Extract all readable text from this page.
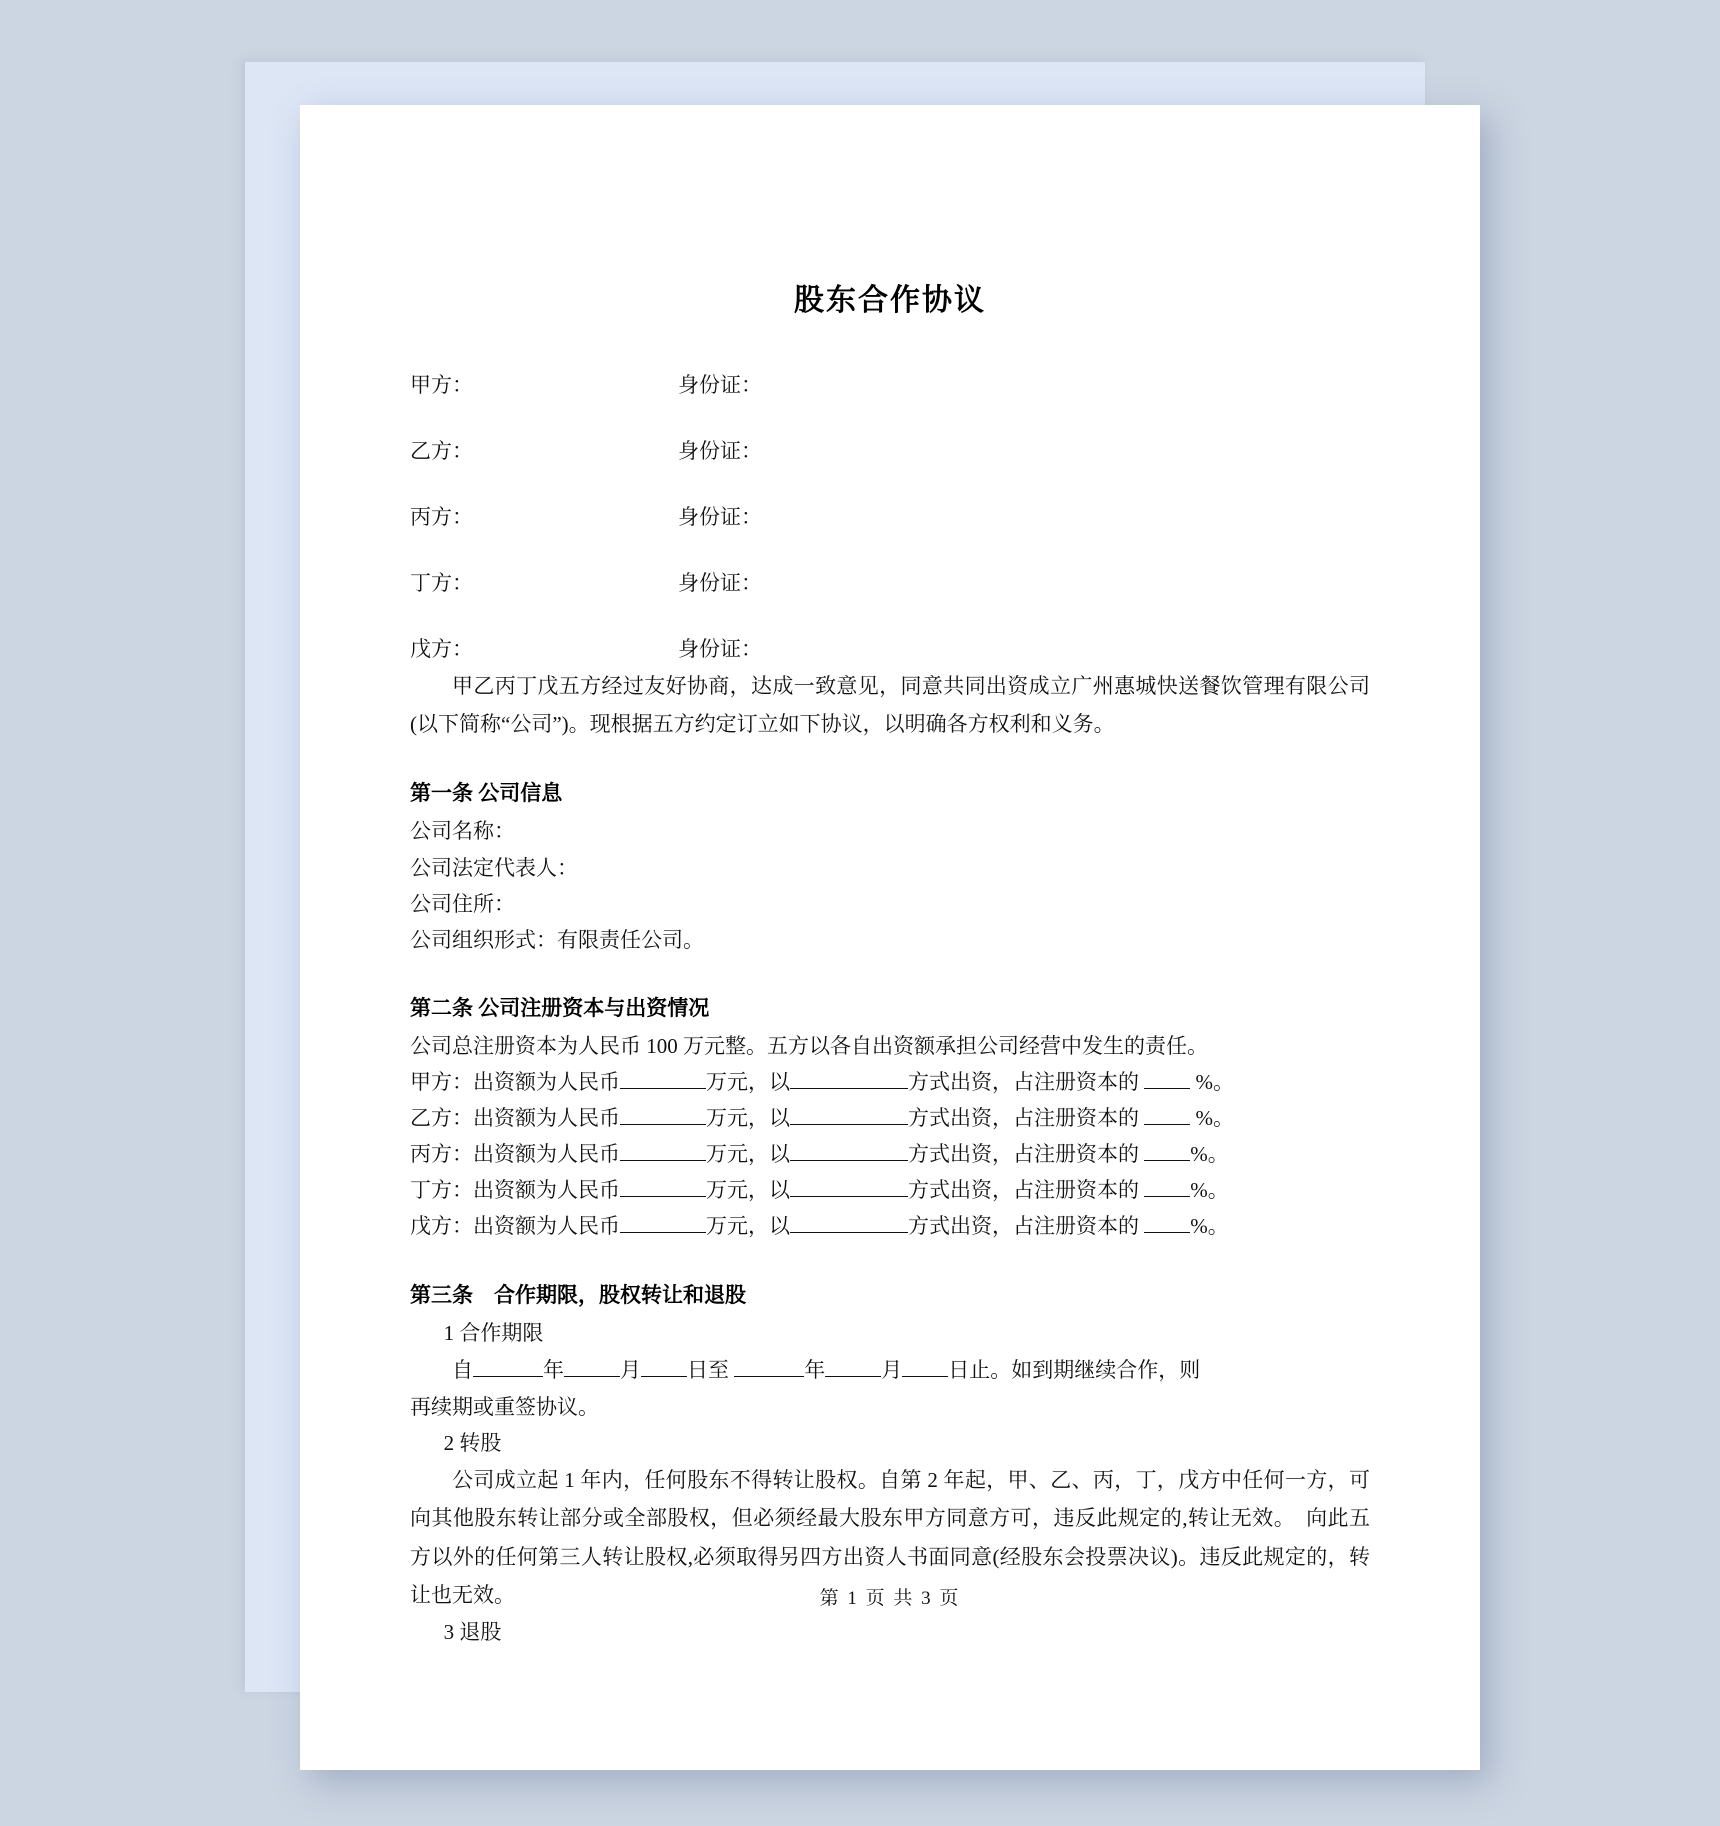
股东合作协议
甲方：	身份证：
乙方：	身份证：
丙方：	身份证：
丁方：	身份证：
戊方：	身份证：
甲乙丙丁戊五方经过友好协商，达成一致意见，同意共同出资成立广州惠城快送餐饮管理有限公司(以下简称“公司”)。现根据五方约定订立如下协议，以明确各方权利和义务。
第一条 公司信息
公司名称：
公司法定代表人：
公司住所：
公司组织形式：有限责任公司。
第二条 公司注册资本与出资情况
公司总注册资本为人民币 100 万元整。五方以各自出资额承担公司经营中发生的责任。
甲方：出资额为人民币	万元，以	方式出资，占注册资本的	%。
乙方：出资额为人民币	万元，以	方式出资，占注册资本的	%。
丙方：出资额为人民币	万元，以	方式出资，占注册资本的 %。
丁方：出资额为人民币	万元，以	方式出资，占注册资本的 %。
戊方：出资额为人民币	万元，以	方式出资，占注册资本的 %。
第三条　合作期限，股权转让和退股
1 合作期限
自	年	月 日至	年	月 日止。如到期继续合作，则
再续期或重签协议。
2 转股
公司成立起 1 年内，任何股东不得转让股权。自第 2 年起，甲、乙、丙，丁，戊方中任何一方，可向其他股东转让部分或全部股权，但必须经最大股东甲方同意方可，违反此规定的,转让无效。　向此五方以外的任何第三人转让股权,必须取得另四方出资人书面同意(经股东会投票决议)。违反此规定的，转让也无效。
3 退股
第 1 页 共 3 页
